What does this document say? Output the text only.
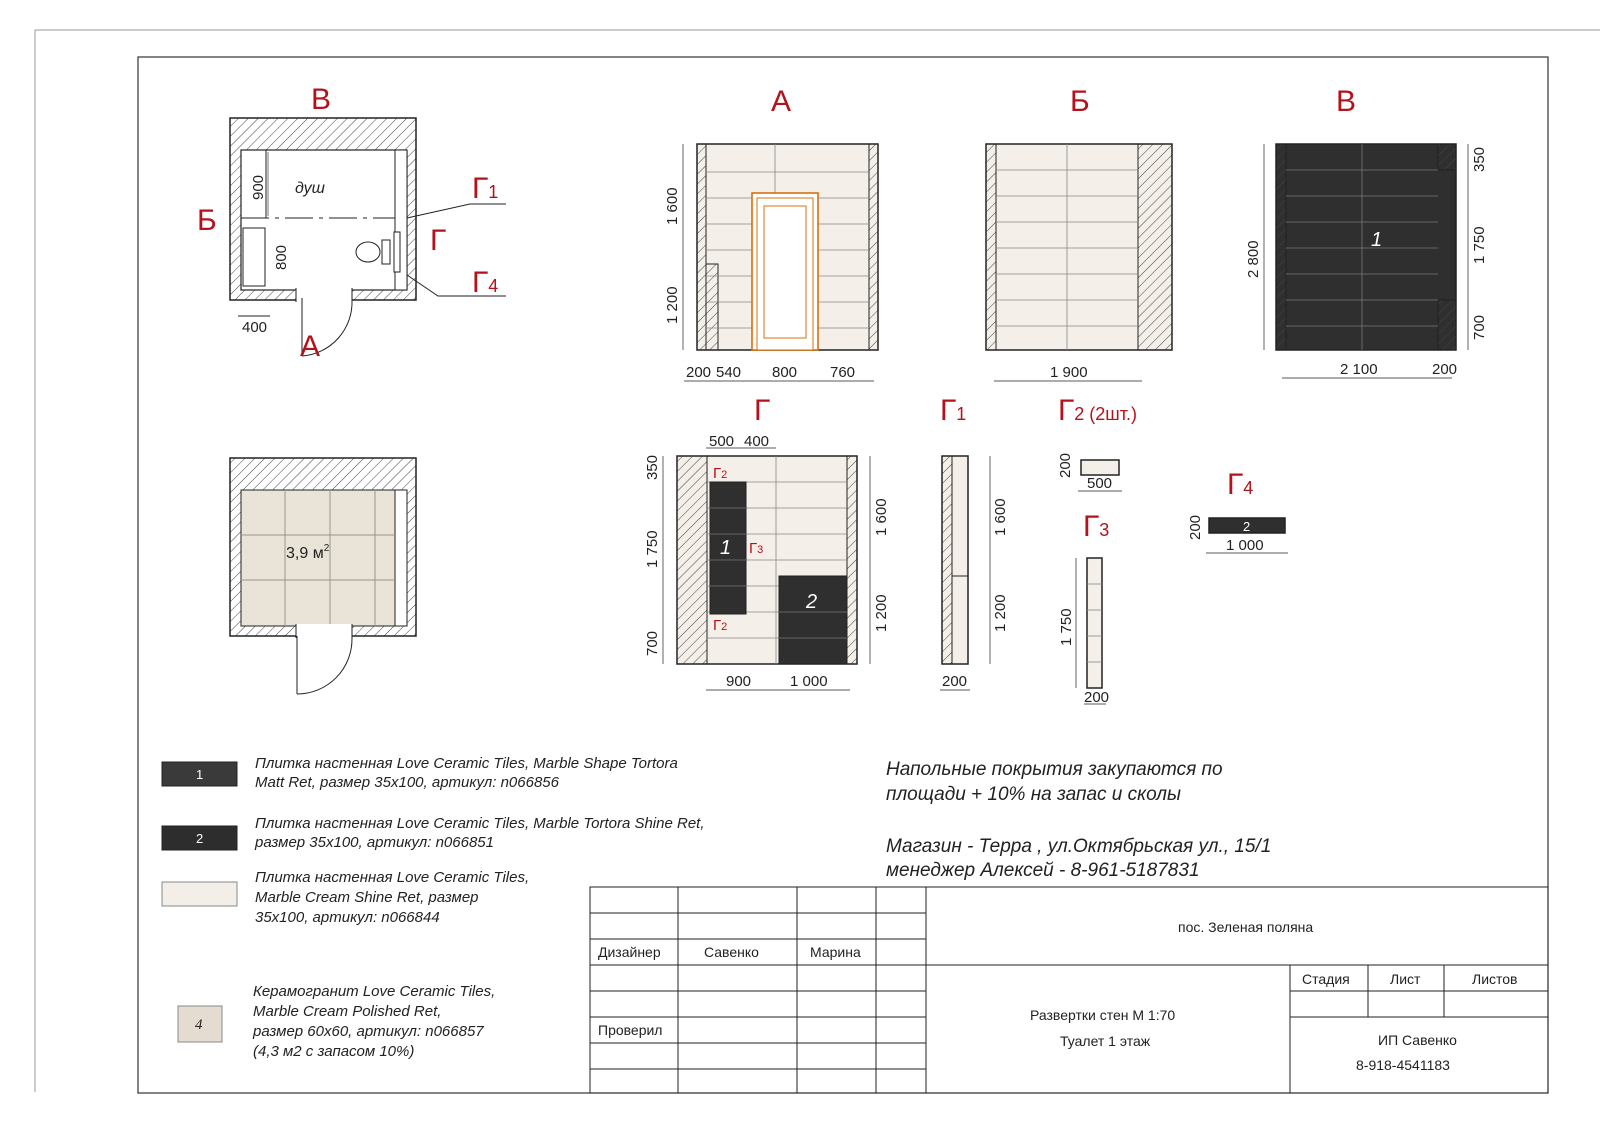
400
900
800
душ
В
Б
А
Г
Г1
Г4
3,9 $м^2$
А
1 600
1 200
200 540 800 760
Б
1 900
В
1
2 800
350
1 750
700
2 100	200
Г
1
2
Г2
Г3
Г2
500 400
350
1 750
700
1 600
1 200
900	1 000
Г1
1 600
1 200
200
Г2 (2шт.)
200
500
Г3
1 750
200
Г4
2
200
1 000
1
Плитка настенная Love Ceramic Tiles, Marble Shape Tortora
Matt Ret, размер 35х100, артикул: n066856
2
Плитка настенная Love Ceramic Tiles, Marble Tortora Shine Ret,
размер 35х100, артикул: n066851
Плитка настенная Love Ceramic Tiles,
Marble Cream Shine Ret, размер
35х100, артикул: n066844
4
Керамогранит Love Ceramic Tiles,
Marble Cream Polished Ret,
размер 60х60, артикул: n066857
(4,3 м2 с запасом 10%)
Напольные покрытия закупаются по
площади + 10% на запас и сколы
Магазин - Терра , ул.Октябрьская ул., 15/1
менеджер Алексей - 8-961-5187831
Дизайнер	Савенко	Марина
Проверил
пос. Зеленая поляна
Стадия	Лист	Листов
Развертки стен М 1:70
Туалет 1 этаж	ИП Савенко
8-918-4541183
